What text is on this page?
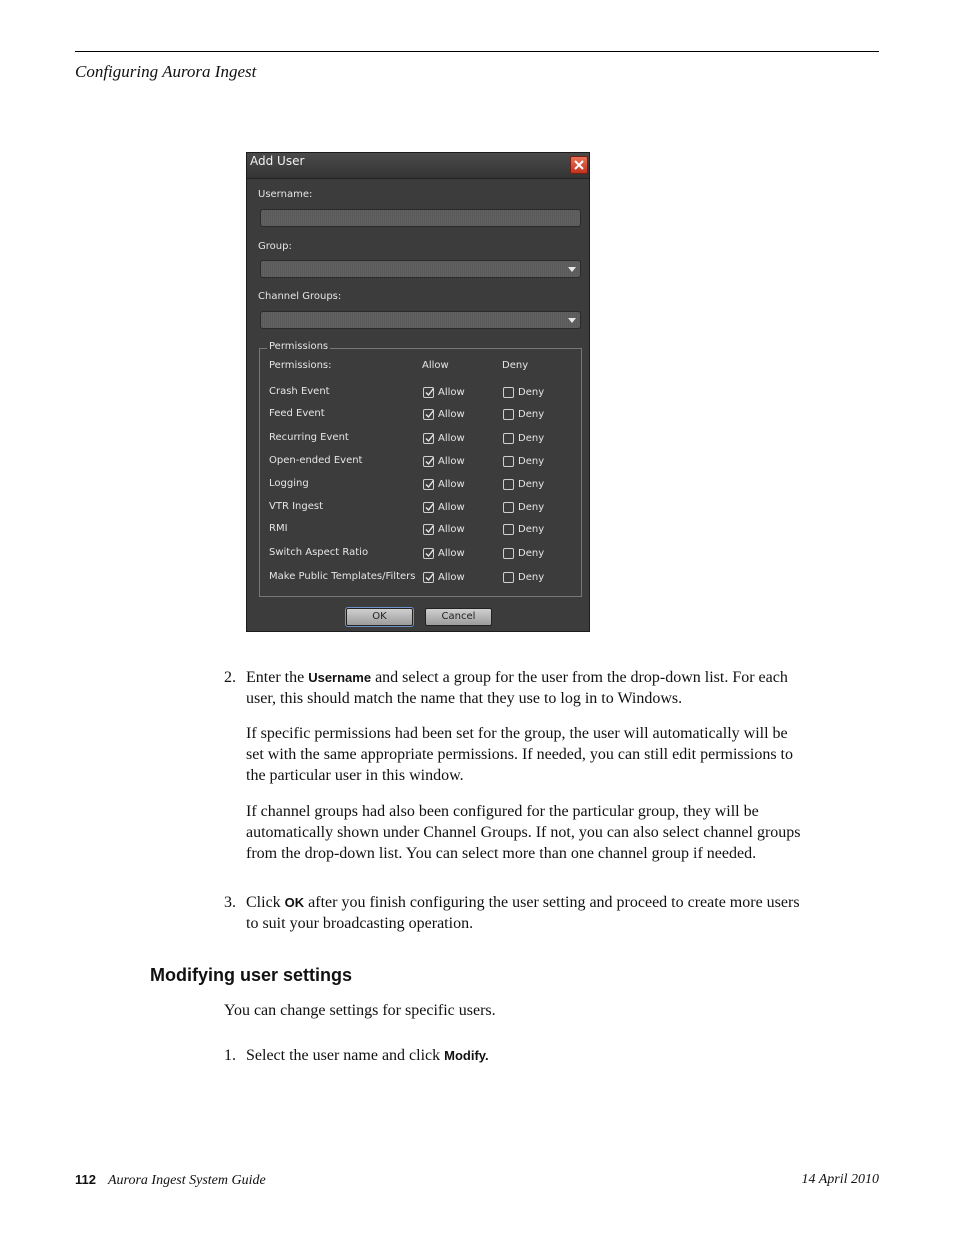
Configuring Aurora Ingest
Add User
Username:
Group:
Channel Groups:
Permissions
Permissions:	Allow	Deny
Crash Event	Allow	Deny
Feed Event	Allow	Deny
Recurring Event	Allow	Deny
Open-ended Event	Allow	Deny
Logging	Allow	Deny
VTR Ingest	Allow	Deny
RMI	Allow	Deny
Switch Aspect Ratio	Allow	Deny
Make Public Templates/Filters Allow	Deny
OK	Cancel
2. Enter the Username and select a group for the user from the drop-down list. For each user, this should match the name that they use to log in to Windows.
If specific permissions had been set for the group, the user will automatically will be set with the same appropriate permissions. If needed, you can still edit permissions to the particular user in this window.
If channel groups had also been configured for the particular group, they will be automatically shown under Channel Groups. If not, you can also select channel groups from the drop-down list. You can select more than one channel group if needed.
3. Click OK after you finish configuring the user setting and proceed to create more users to suit your broadcasting operation.
Modifying user settings
You can change settings for specific users.
1. Select the user name and click Modify.
112 Aurora Ingest System Guide	14 April 2010
